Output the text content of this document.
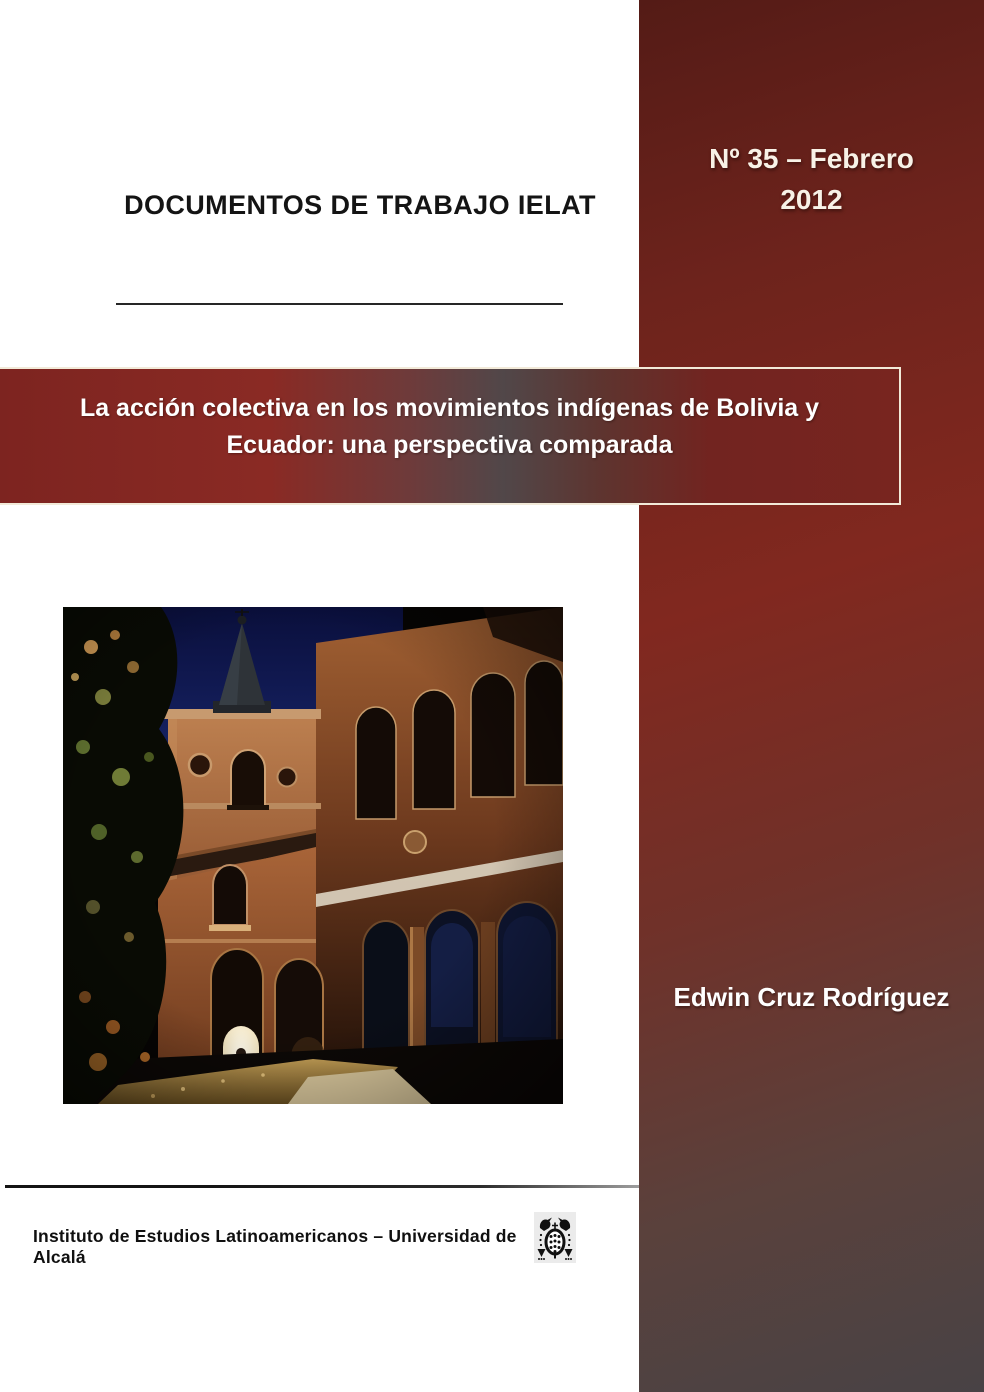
Nº 35 – Febrero
2012
DOCUMENTOS DE TRABAJO IELAT
La acción colectiva en los movimientos indígenas de Bolivia y
Ecuador: una perspectiva comparada
Edwin Cruz Rodríguez
Instituto de Estudios Latinoamericanos – Universidad de Alcalá
